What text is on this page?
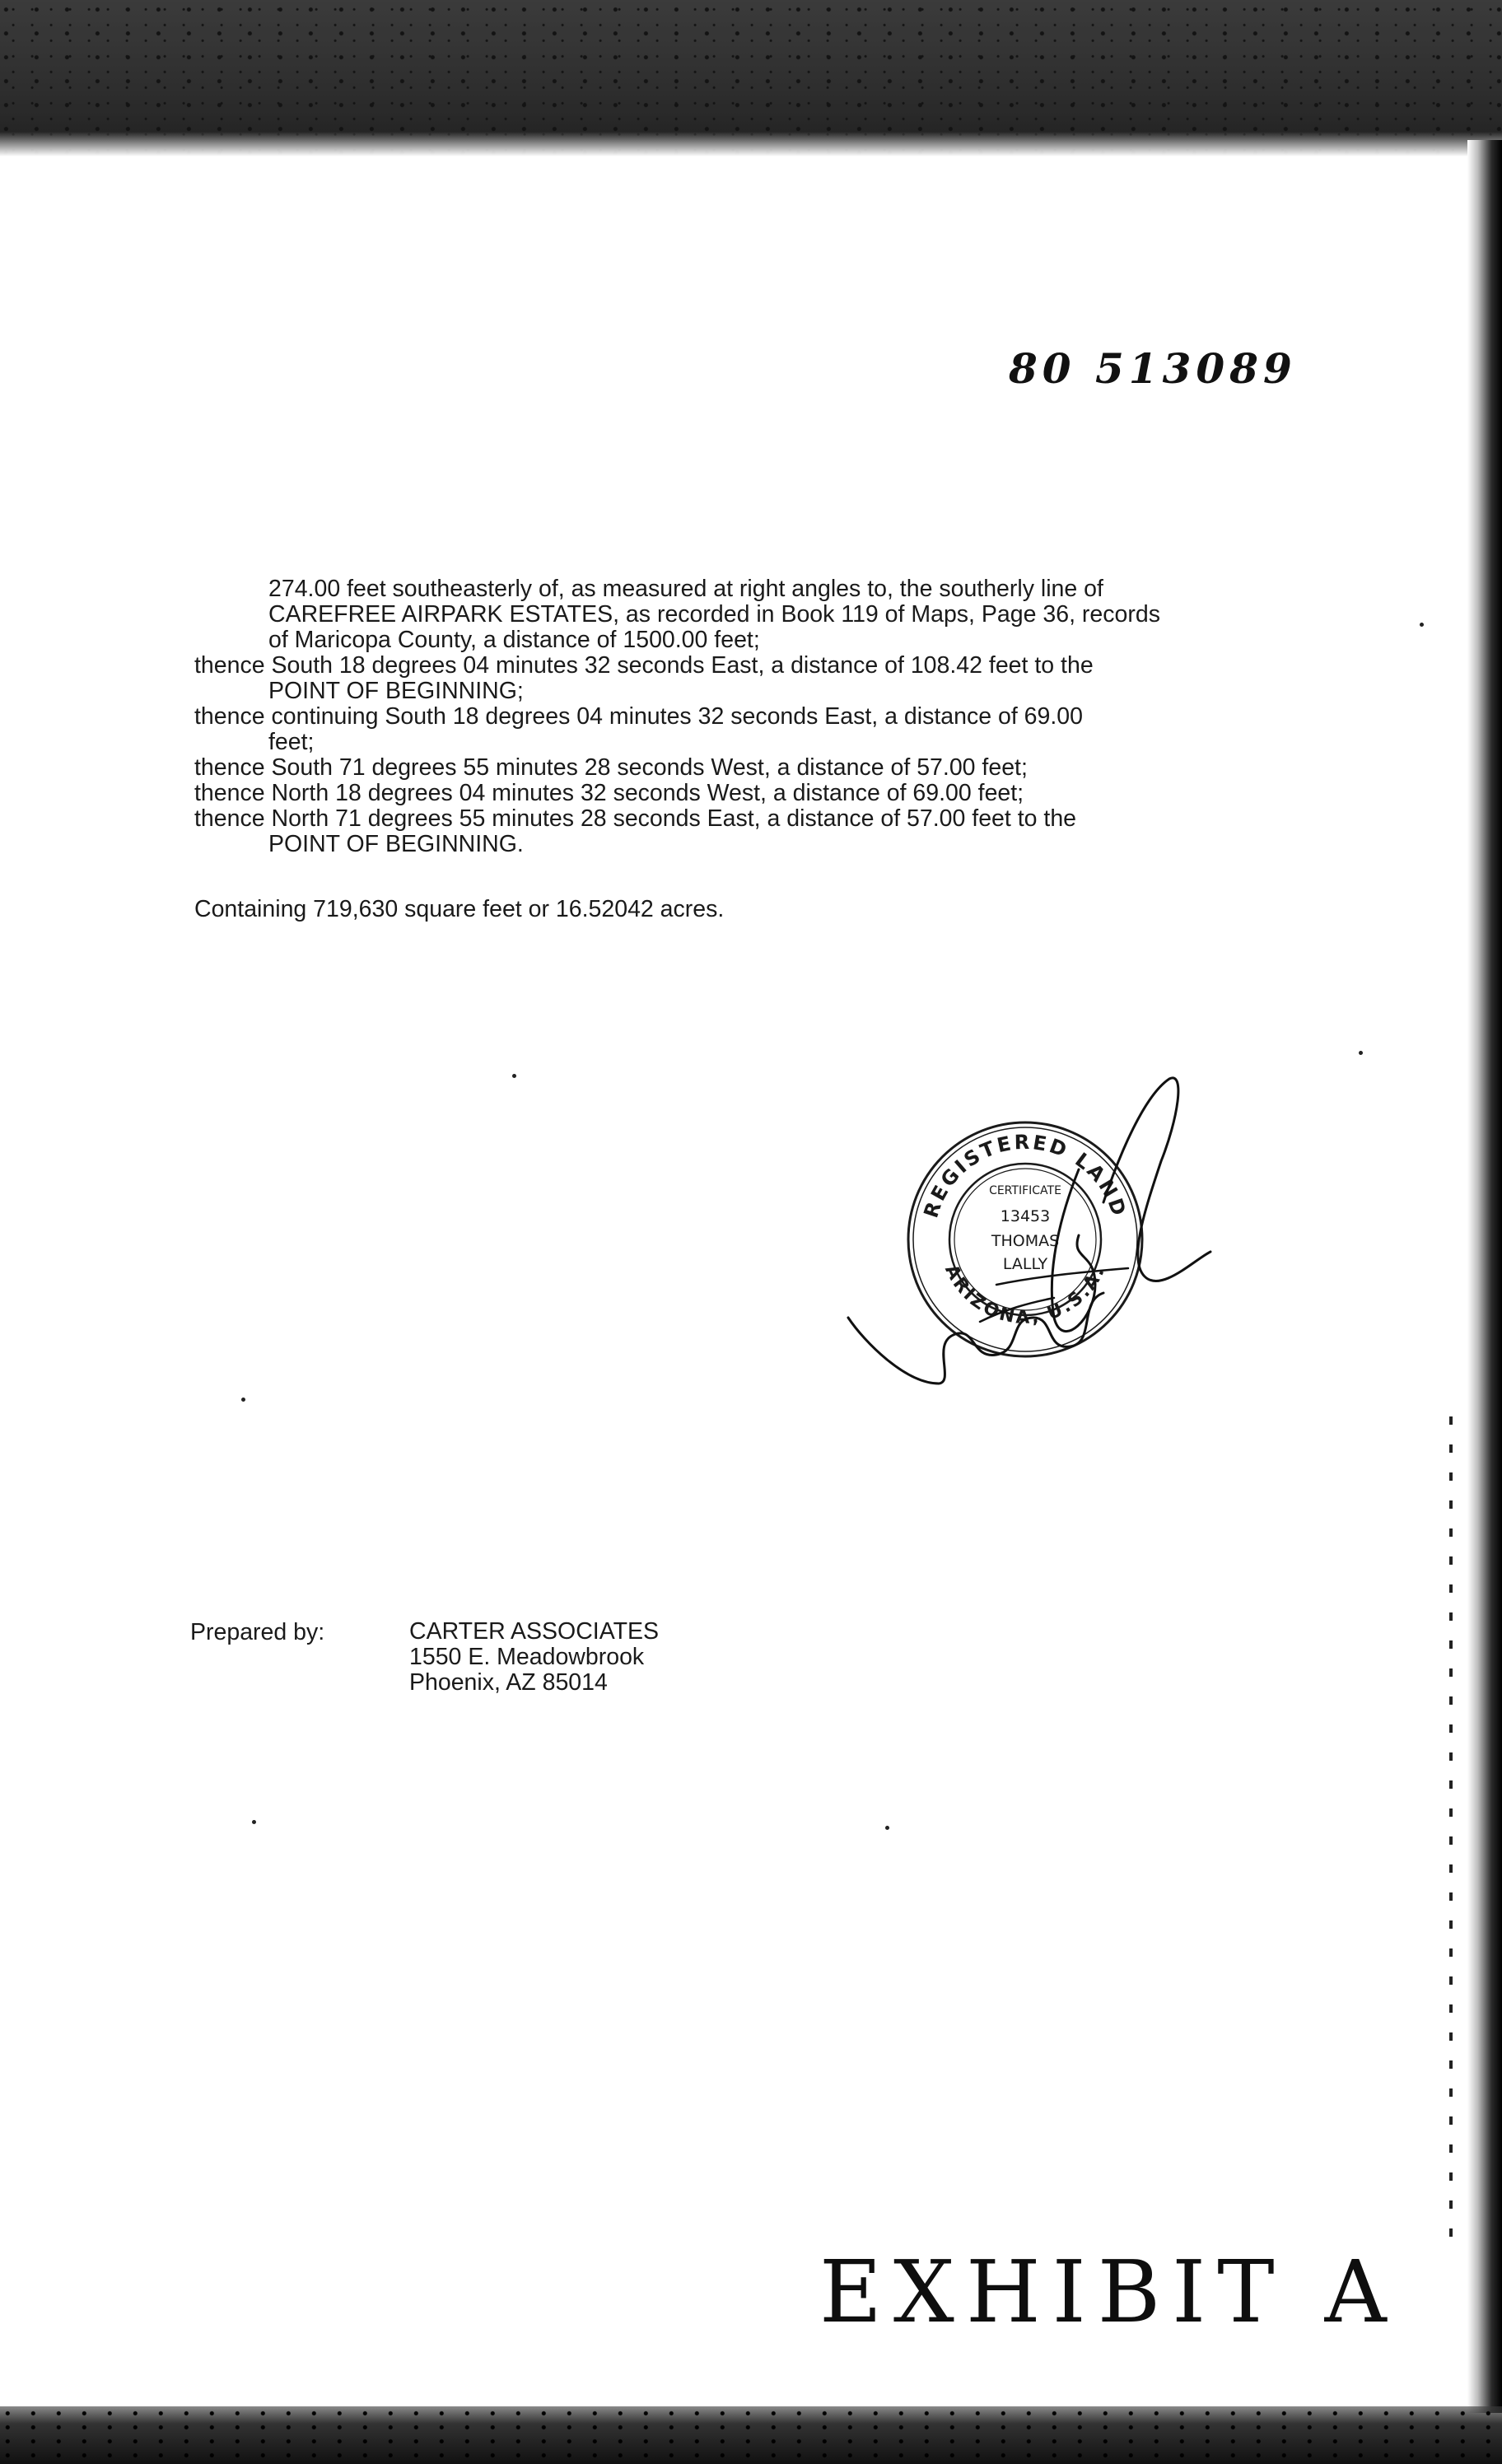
80 513089
274.00 feet southeasterly of, as measured at right angles to, the southerly line of
CAREFREE AIRPARK ESTATES, as recorded in Book 119 of Maps, Page 36, records
of Maricopa County, a distance of 1500.00 feet;
thence South 18 degrees 04 minutes 32 seconds East, a distance of 108.42 feet to the
POINT OF BEGINNING;
thence continuing South 18 degrees 04 minutes 32 seconds East, a distance of 69.00
feet;
thence South 71 degrees 55 minutes 28 seconds West, a distance of 57.00 feet;
thence North 18 degrees 04 minutes 32 seconds West, a distance of 69.00 feet;
thence North 71 degrees 55 minutes 28 seconds East, a distance of 57.00 feet to the
POINT OF BEGINNING.
Containing 719,630 square feet or 16.52042 acres.
REGISTERED LAND
ARIZONA, U.S.A.
CERTIFICATE
13453
THOMAS
LALLY
Prepared by:	CARTER ASSOCIATES
1550 E. Meadowbrook
Phoenix, AZ 85014
EXHIBIT A
